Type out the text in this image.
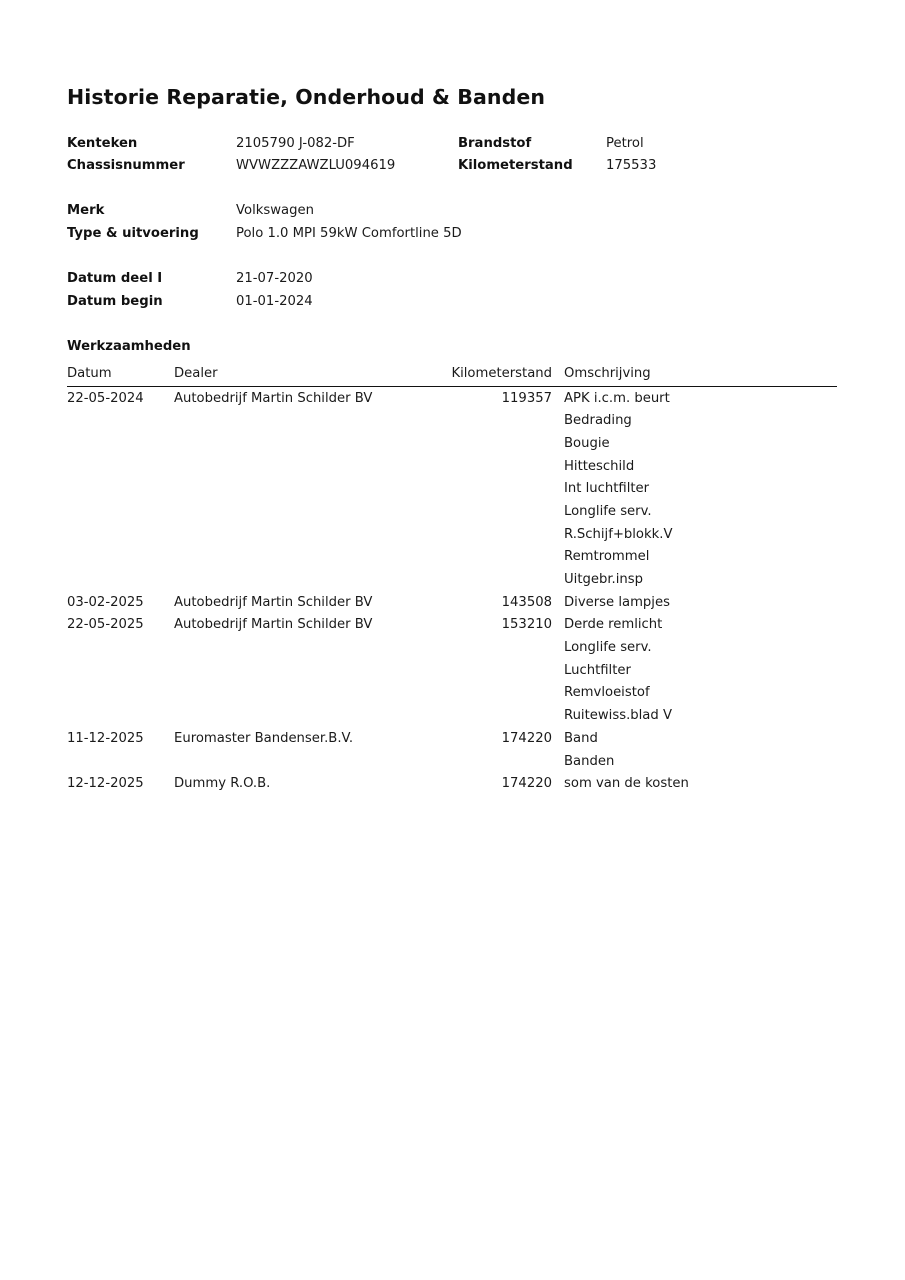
Historie Reparatie, Onderhoud & Banden
Kenteken	2105790 J-082-DF	Brandstof	Petrol
Chassisnummer	WVWZZZAWZLU094619	Kilometerstand	175533
Merk	Volkswagen
Type & uitvoering	Polo 1.0 MPI 59kW Comfortline 5D
Datum deel I	21-07-2020
Datum begin	01-01-2024
Werkzaamheden
Datum	Dealer	Kilometerstand Omschrijving
22-05-2024 Autobedrijf Martin Schilder BV	119357 APK i.c.m. beurt
Bedrading
Bougie
Hitteschild
Int luchtfilter
Longlife serv.
R.Schijf+blokk.V
Remtrommel
Uitgebr.insp
03-02-2025 Autobedrijf Martin Schilder BV	143508 Diverse lampjes
22-05-2025 Autobedrijf Martin Schilder BV	153210 Derde remlicht
Longlife serv.
Luchtfilter
Remvloeistof
Ruitewiss.blad V
11-12-2025 Euromaster Bandenser.B.V.	174220 Band
Banden
12-12-2025 Dummy R.O.B.	174220 som van de kosten
